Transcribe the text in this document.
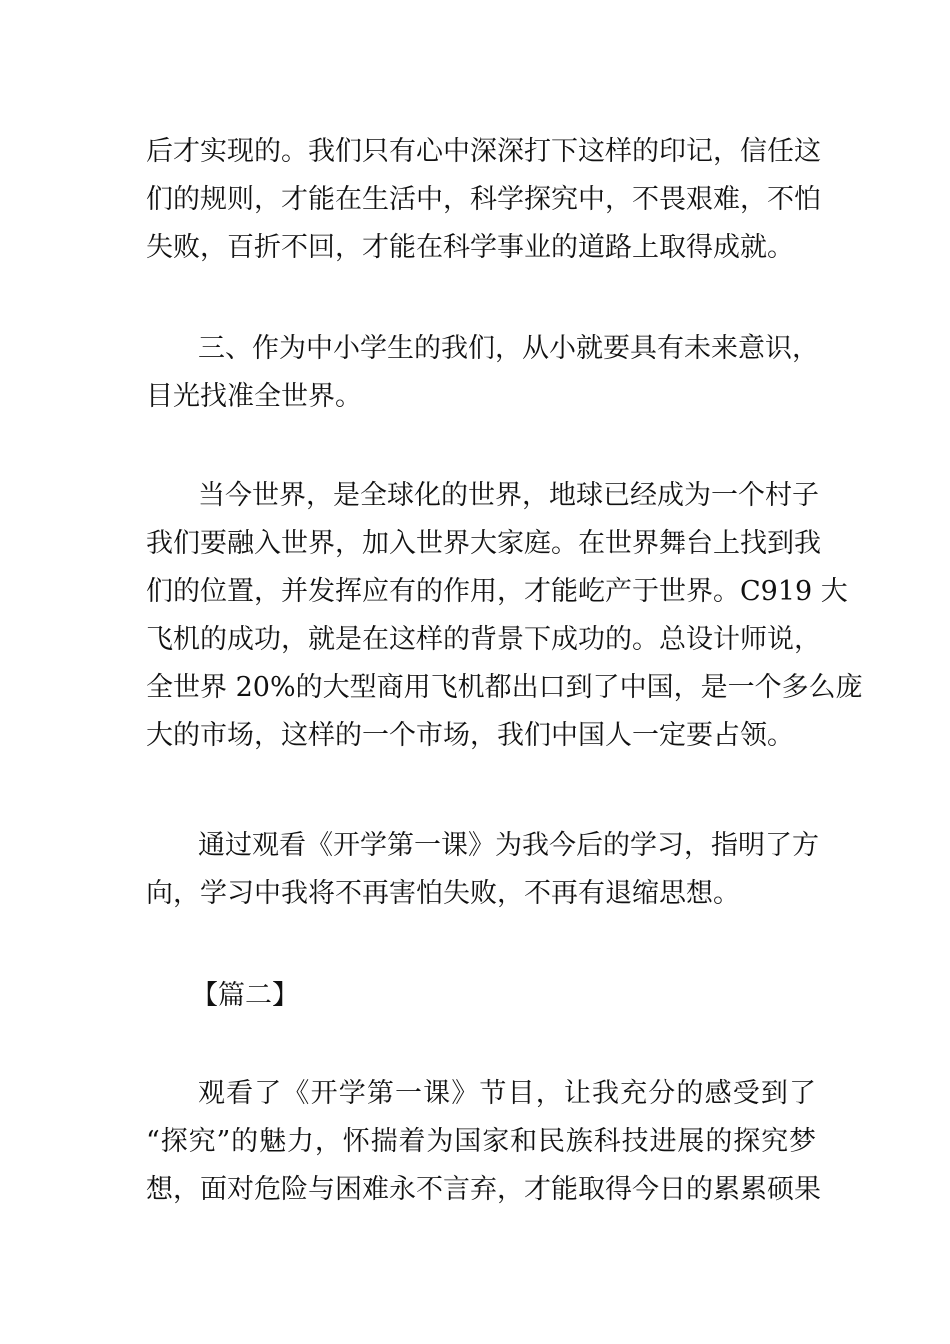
后才实现的。我们只有心中深深打下这样的印记，信任这
们的规则，才能在生活中，科学探究中，不畏艰难，不怕
失败，百折不回，才能在科学事业的道路上取得成就。
三、作为中小学生的我们，从小就要具有未来意识，
目光找准全世界。
当今世界，是全球化的世界，地球已经成为一个村子
我们要融入世界，加入世界大家庭。在世界舞台上找到我
们的位置，并发挥应有的作用，才能屹产于世界。C919 大
飞机的成功，就是在这样的背景下成功的。总设计师说，
全世界 20%的大型商用飞机都出口到了中国，是一个多么庞
大的市场，这样的一个市场，我们中国人一定要占领。
通过观看《开学第一课》为我今后的学习，指明了方
向，学习中我将不再害怕失败，不再有退缩思想。
【篇二】
观看了《开学第一课》节目，让我充分的感受到了
“探究”的魅力，怀揣着为国家和民族科技进展的探究梦
想，面对危险与困难永不言弃，才能取得今日的累累硕果
